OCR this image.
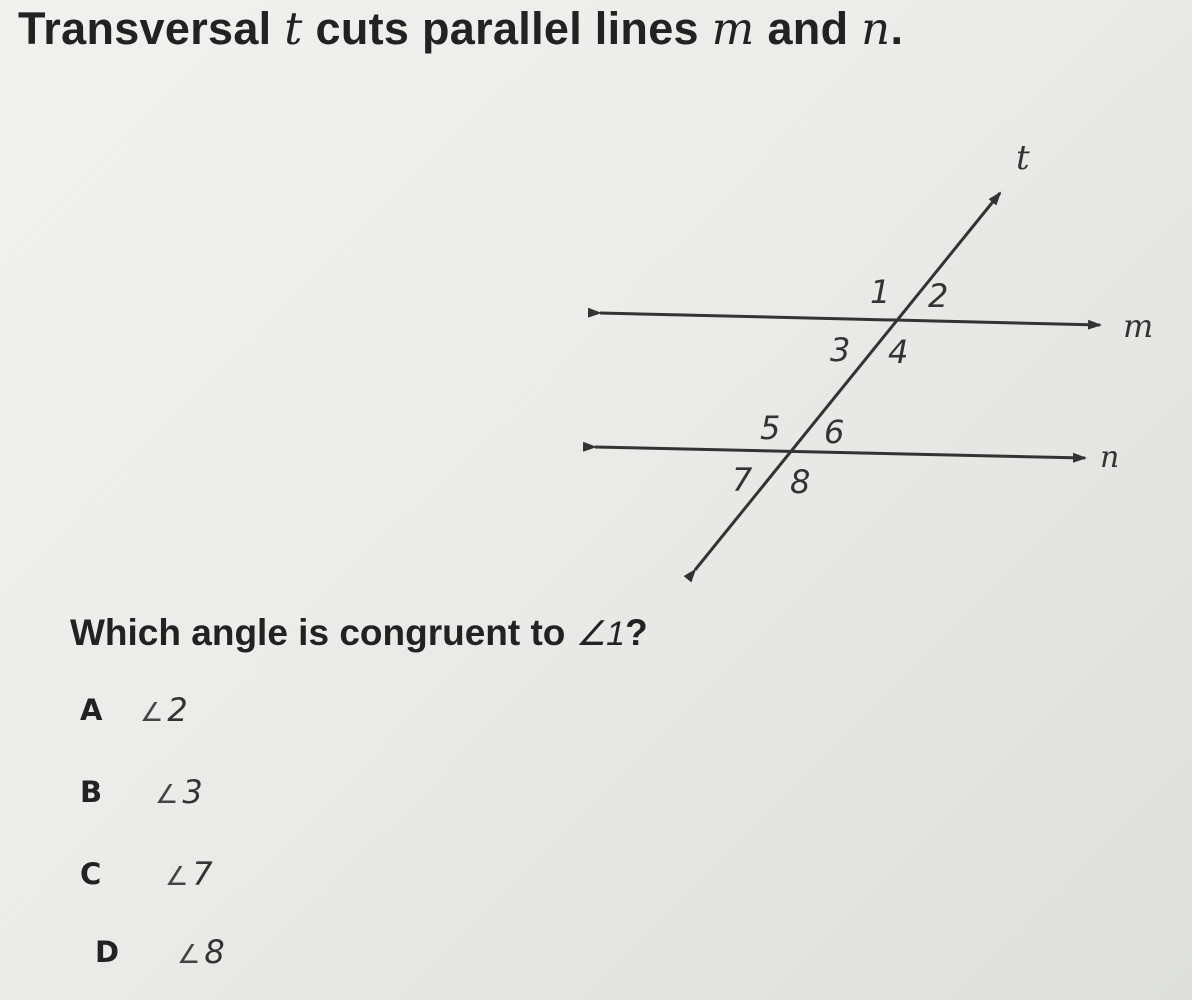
Transversal t cuts parallel lines m and n.
t
m
n
1 2
3 4
5 6
7 8
Which angle is congruent to ∠1?
A	∠ 2
B	∠ 3
C	∠ 7
D	∠ 8
